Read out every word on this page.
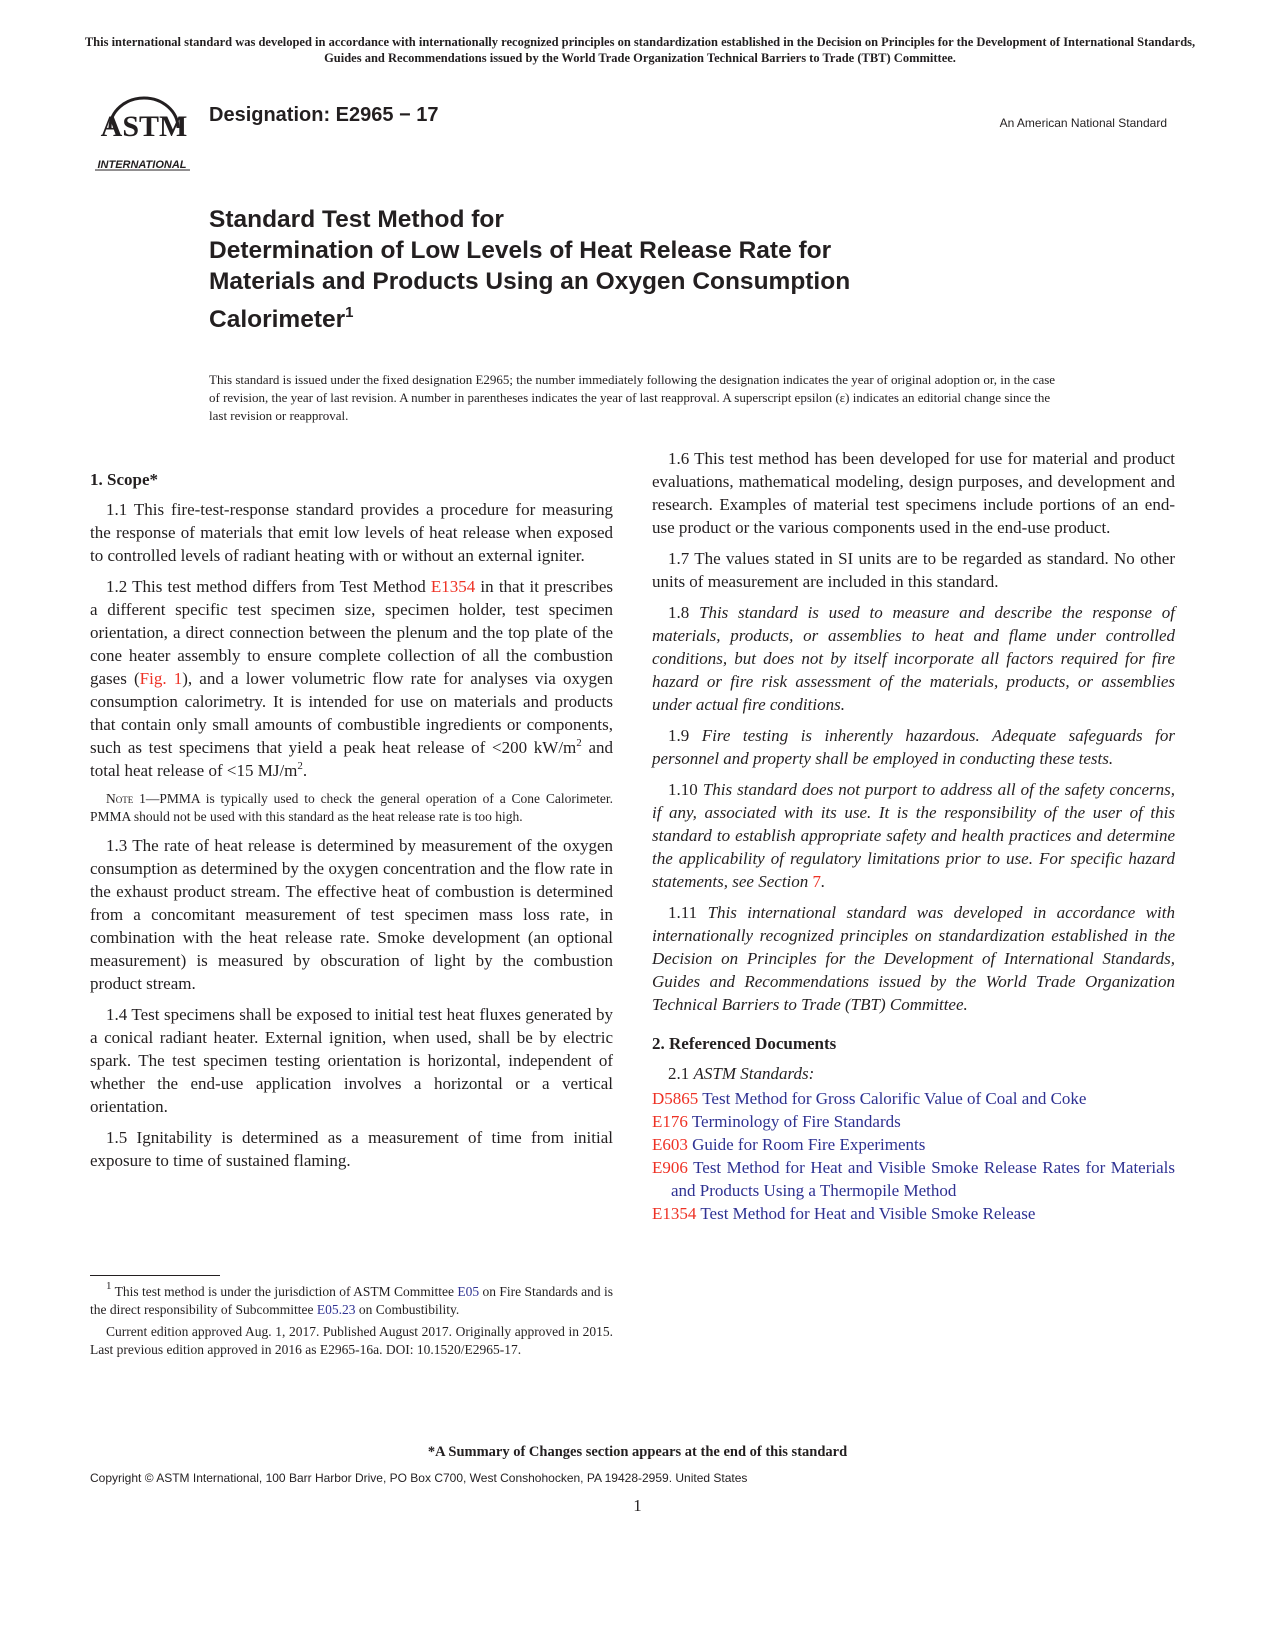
This international standard was developed in accordance with internationally recognized principles on standardization established in the Decision on Principles for the Development of International Standards, Guides and Recommendations issued by the World Trade Organization Technical Barriers to Trade (TBT) Committee.
ASTM
INTERNATIONAL
Designation: E2965 − 17	An American National Standard
Standard Test Method for
Determination of Low Levels of Heat Release Rate for
Materials and Products Using an Oxygen Consumption
Calorimeter$^1$
This standard is issued under the fixed designation E2965; the number immediately following the designation indicates the year of original adoption or, in the case of revision, the year of last revision. A number in parentheses indicates the year of last reapproval. A superscript epsilon (ε) indicates an editorial change since the last revision or reapproval.
1. Scope*

1.1 This fire-test-response standard provides a procedure for measuring the response of materials that emit low levels of heat release when exposed to controlled levels of radiant heating with or without an external igniter.

1.2 This test method differs from Test Method E1354 in that it prescribes a different specific test specimen size, specimen holder, test specimen orientation, a direct connection between the plenum and the top plate of the cone heater assembly to ensure complete collection of all the combustion gases (Fig. 1), and a lower volumetric flow rate for analyses via oxygen consumption calorimetry. It is intended for use on materials and products that contain only small amounts of combustible ingredients or components, such as test specimens that yield a peak heat release of <200 $kW/m^2$ and total heat release of <15 $MJ/m^2$.

Note 1—PMMA is typically used to check the general operation of a Cone Calorimeter. PMMA should not be used with this standard as the heat release rate is too high.

1.3 The rate of heat release is determined by measurement of the oxygen consumption as determined by the oxygen concentration and the flow rate in the exhaust product stream. The effective heat of combustion is determined from a concomitant measurement of test specimen mass loss rate, in combination with the heat release rate. Smoke development (an optional measurement) is measured by obscuration of light by the combustion product stream.

1.4 Test specimens shall be exposed to initial test heat fluxes generated by a conical radiant heater. External ignition, when used, shall be by electric spark. The test specimen testing orientation is horizontal, independent of whether the end-use application involves a horizontal or a vertical orientation.

1.5 Ignitability is determined as a measurement of time from initial exposure to time of sustained flaming.

$^1$ This test method is under the jurisdiction of ASTM Committee E05 on Fire Standards and is the direct responsibility of Subcommittee E05.23 on Combustibility.

Current edition approved Aug. 1, 2017. Published August 2017. Originally approved in 2015. Last previous edition approved in 2016 as E2965-16a. DOI: 10.1520/E2965-17.

1.6 This test method has been developed for use for material and product evaluations, mathematical modeling, design purposes, and development and research. Examples of material test specimens include portions of an end-use product or the various components used in the end-use product.

1.7 The values stated in SI units are to be regarded as standard. No other units of measurement are included in this standard.

1.8 This standard is used to measure and describe the response of materials, products, or assemblies to heat and flame under controlled conditions, but does not by itself incorporate all factors required for fire hazard or fire risk assessment of the materials, products, or assemblies under actual fire conditions.

1.9 Fire testing is inherently hazardous. Adequate safeguards for personnel and property shall be employed in conducting these tests.

1.10 This standard does not purport to address all of the safety concerns, if any, associated with its use. It is the responsibility of the user of this standard to establish appropriate safety and health practices and determine the applicability of regulatory limitations prior to use. For specific hazard statements, see Section 7.

1.11 This international standard was developed in accordance with internationally recognized principles on standardization established in the Decision on Principles for the Development of International Standards, Guides and Recommendations issued by the World Trade Organization Technical Barriers to Trade (TBT) Committee.

2. Referenced Documents
2.1 ASTM Standards:

D5865 Test Method for Gross Calorific Value of Coal and Coke

E176 Terminology of Fire Standards

E603 Guide for Room Fire Experiments

E906 Test Method for Heat and Visible Smoke Release Rates for Materials and Products Using a Thermopile Method

E1354 Test Method for Heat and Visible Smoke Release

*A Summary of Changes section appears at the end of this standard
Copyright © ASTM International, 100 Barr Harbor Drive, PO Box C700, West Conshohocken, PA 19428-2959. United States
1
